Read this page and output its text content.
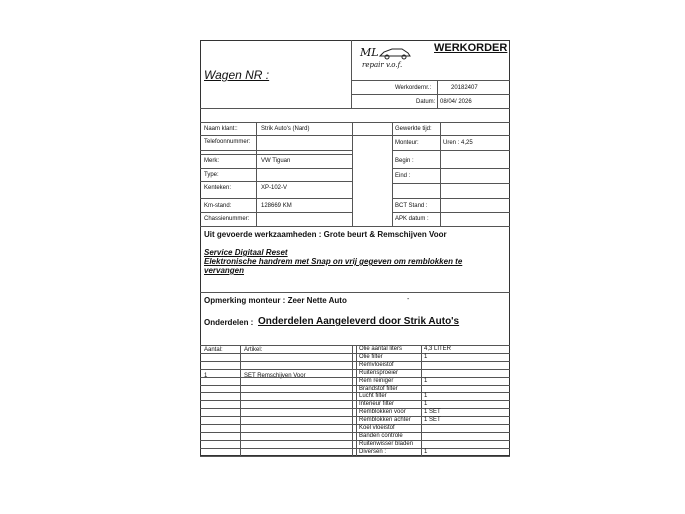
WERKORDER
Wagen NR :
ML
repair v.o.f.
Werkordernr.:	20182407
Datum: 08/04/ 2026
Naam klant::	Strik Auto's (Nard)
Telefoonnummer:
Merk:	VW Tiguan
Type:
Kenteken:	XP-102-V
Km-stand:	128669 KM
Chassienummer:
Gewerkte tijd:
Monteur:	Uren : 4,25
Begin :
Eind :
BCT Stand :
APK datum :
Uit gevoerde werkzaamheden : Grote beurt & Remschijven Voor
Service Digitaal Reset
Elektronische handrem met Snap on vrij gegeven om remblokken te
vervangen
Opmerking monteur : Zeer Nette Auto	-
Onderdelen : Onderdelen Aangeleverd door Strik Auto's
Aantal:	Artikel:
1	SET Remschijven Voor
Olie aantal liters	4,3 LITER
Olie filter	1
Remvloeistof
Ruitensproeier
Rem reiniger	1
Brandstof filter
Lucht filter	1
Interieur filter	1
Remblokken voor	1 SET
Remblokken achter 1 SET
Koel vloeistof
Banden controle
Ruitenwisser bladen
Diversen :	1
